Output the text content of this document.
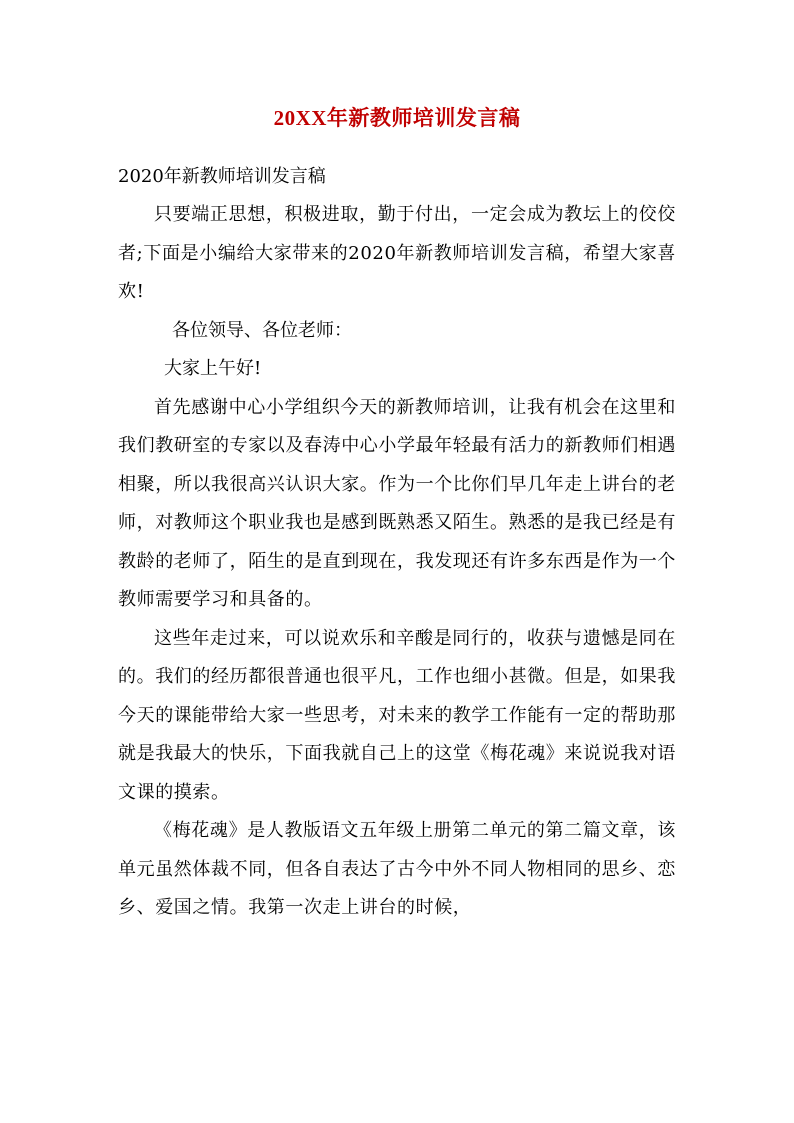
20XX年新教师培训发言稿

2020年新教师培训发言稿

只要端正思想，积极进取，勤于付出，一定会成为教坛上的佼佼者;下面是小编给大家带来的2020年新教师培训发言稿，希望大家喜欢!

各位领导、各位老师：

大家上午好!

首先感谢中心小学组织今天的新教师培训，让我有机会在这里和我们教研室的专家以及春涛中心小学最年轻最有活力的新教师们相遇相聚，所以我很高兴认识大家。作为一个比你们早几年走上讲台的老师，对教师这个职业我也是感到既熟悉又陌生。熟悉的是我已经是有教龄的老师了，陌生的是直到现在，我发现还有许多东西是作为一个教师需要学习和具备的。

这些年走过来，可以说欢乐和辛酸是同行的，收获与遗憾是同在的。我们的经历都很普通也很平凡，工作也细小甚微。但是，如果我今天的课能带给大家一些思考，对未来的教学工作能有一定的帮助那就是我最大的快乐，下面我就自己上的这堂《梅花魂》来说说我对语文课的摸索。

《梅花魂》是人教版语文五年级上册第二单元的第二篇文章，该单元虽然体裁不同，但各自表达了古今中外不同人物相同的思乡、恋乡、爱国之情。我第一次走上讲台的时候，
